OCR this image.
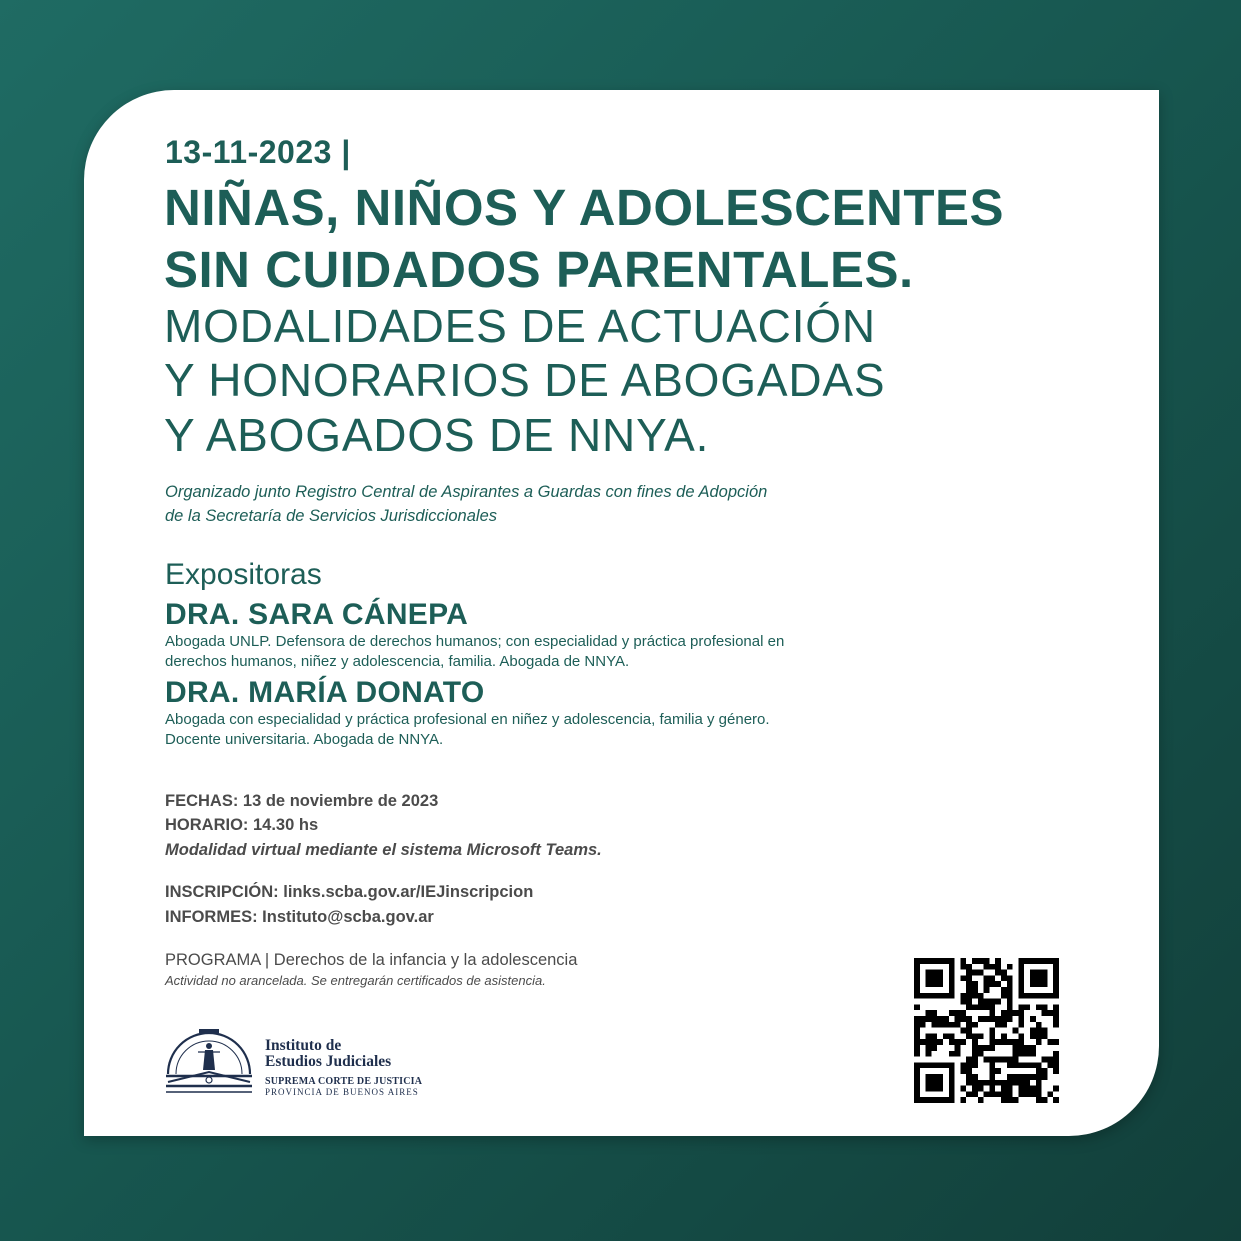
13-11-2023 |
NIÑAS, NIÑOS Y ADOLESCENTES
SIN CUIDADOS PARENTALES.
MODALIDADES DE ACTUACIÓN
Y HONORARIOS DE ABOGADAS
Y ABOGADOS DE NNYA.
Organizado junto Registro Central de Aspirantes a Guardas con fines de Adopción
de la Secretaría de Servicios Jurisdiccionales
Expositoras
DRA. SARA CÁNEPA
Abogada UNLP. Defensora de derechos humanos; con especialidad y práctica profesional en
derechos humanos, niñez y adolescencia, familia. Abogada de NNYA.
DRA. MARÍA DONATO
Abogada con especialidad y práctica profesional en niñez y adolescencia, familia y género.
Docente universitaria. Abogada de NNYA.
FECHAS: 13 de noviembre de 2023
HORARIO: 14.30 hs
Modalidad virtual mediante el sistema Microsoft Teams.
INSCRIPCIÓN: links.scba.gov.ar/IEJinscripcion
INFORMES: Instituto@scba.gov.ar
PROGRAMA | Derechos de la infancia y la adolescencia
Actividad no arancelada. Se entregarán certificados de asistencia.
Instituto de
Estudios Judiciales
SUPREMA CORTE DE JUSTICIA
PROVINCIA DE BUENOS AIRES
